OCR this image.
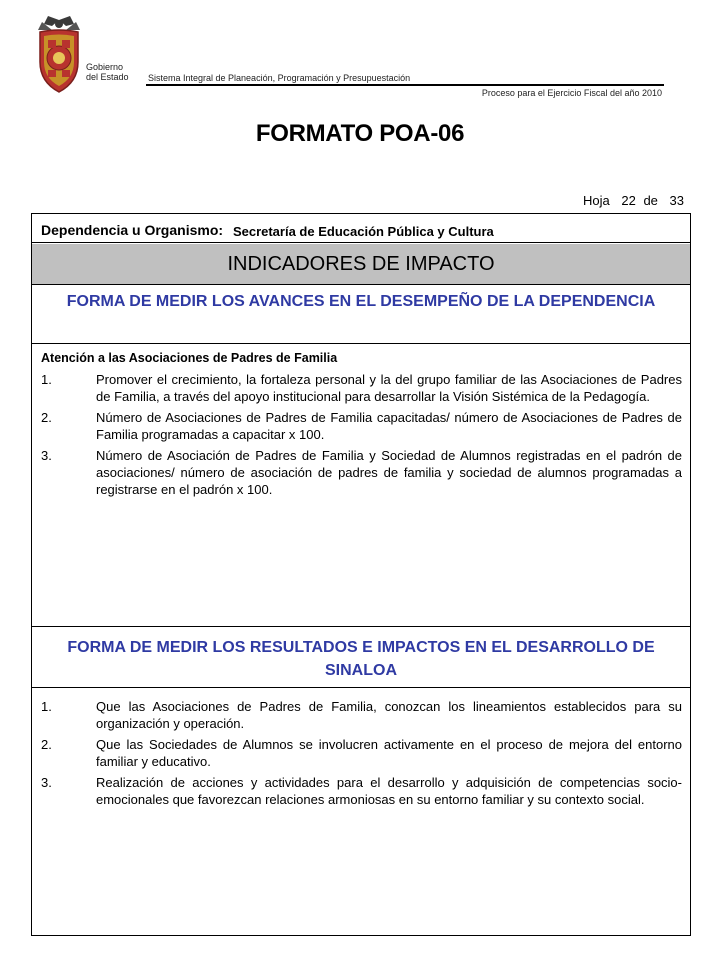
Gobierno
del Estado Sistema Integral de Planeación, Programación y Presupuestación
Proceso para el Ejercicio Fiscal del año 2010
FORMATO POA-06
Hoja 22 de 33
Dependencia u Organismo: Secretaría de Educación Pública y Cultura
INDICADORES DE IMPACTO
FORMA DE MEDIR LOS AVANCES EN EL DESEMPEÑO DE LA DEPENDENCIA
Atención a las Asociaciones de Padres de Familia
1.	Promover el crecimiento, la fortaleza personal y la del grupo familiar de las Asociaciones de Padres de Familia, a través del apoyo institucional para desarrollar la Visión Sistémica de la Pedagogía.
2.	Número de Asociaciones de Padres de Familia capacitadas/ número de Asociaciones de Padres de Familia programadas a capacitar x 100.
3.	Número de Asociación de Padres de Familia y Sociedad de Alumnos registradas en el padrón de asociaciones/ número de asociación de padres de familia y sociedad de alumnos programadas a registrarse en el padrón x 100.
FORMA DE MEDIR LOS RESULTADOS E IMPACTOS EN EL DESARROLLO DE SINALOA
1.	Que las Asociaciones de Padres de Familia, conozcan los lineamientos establecidos para su organización y operación.
2.	Que las Sociedades de Alumnos se involucren activamente en el proceso de mejora del entorno familiar y educativo.
3.	Realización de acciones y actividades para el desarrollo y adquisición de competencias socio-emocionales que favorezcan relaciones armoniosas en su entorno familiar y su contexto social.
